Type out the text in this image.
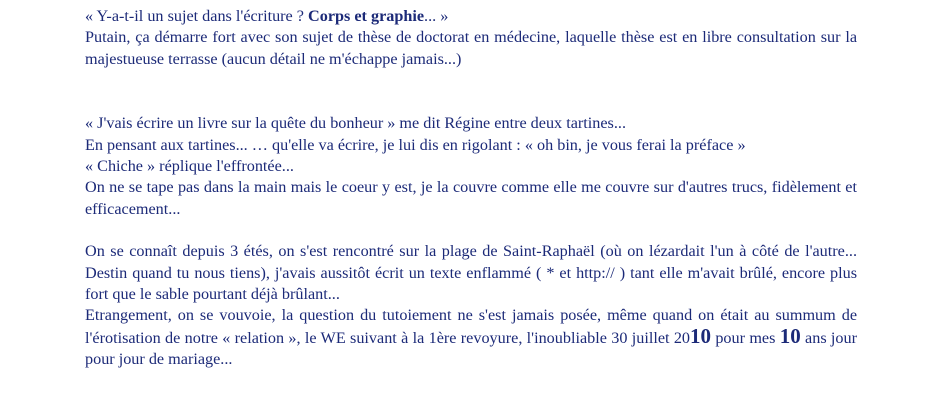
« Y-a-t-il un sujet dans l'écriture ? Corps et graphie... »

Putain, ça démarre fort avec son sujet de thèse de doctorat en médecine, laquelle thèse est en libre consultation sur la majestueuse terrasse (aucun détail ne m'échappe jamais...)

« J'vais écrire un livre sur la quête du bonheur » me dit Régine entre deux tartines...

En pensant aux tartines... … qu'elle va écrire, je lui dis en rigolant : « oh bin, je vous ferai la préface »

« Chiche » réplique l'effrontée...

On ne se tape pas dans la main mais le coeur y est, je la couvre comme elle me couvre sur d'autres trucs, fidèlement et efficacement...

On se connaît depuis 3 étés, on s'est rencontré sur la plage de Saint-Raphaël (où on lézardait l'un à côté de l'autre... Destin quand tu nous tiens), j'avais aussitôt écrit un texte enflammé ( * et http:// ) tant elle m'avait brûlé, encore plus fort que le sable pourtant déjà brûlant...

Etrangement, on se vouvoie, la question du tutoiement ne s'est jamais posée, même quand on était au summum de l'érotisation de notre « relation », le WE suivant à la 1ère revoyure, l'inoubliable 30 juillet 2010 pour mes 10 ans jour pour jour de mariage...
